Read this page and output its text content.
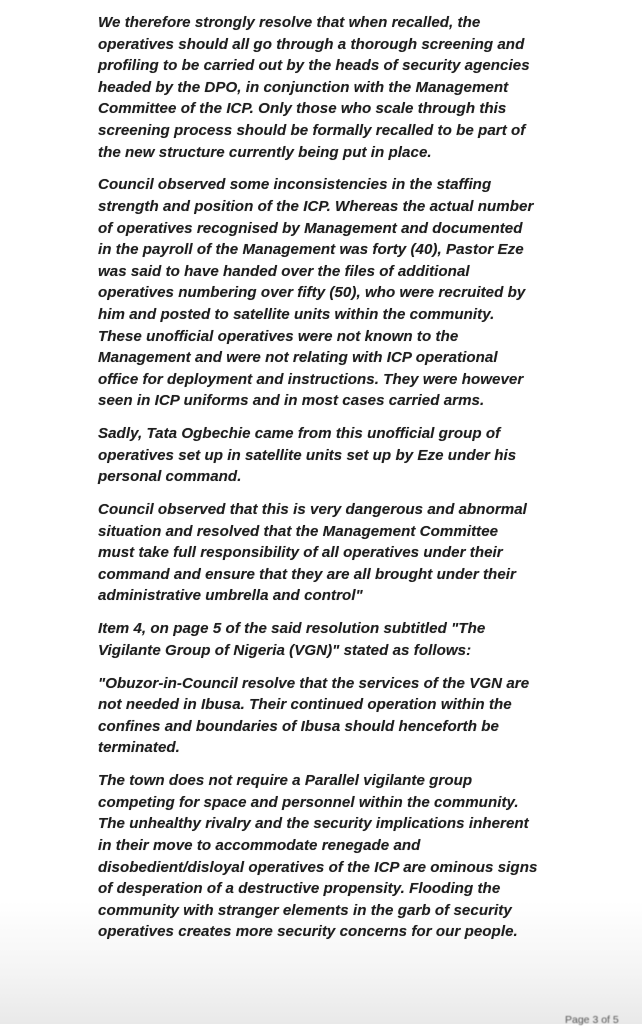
We therefore strongly resolve that when recalled, the
operatives should all go through a thorough screening and
profiling to be carried out by the heads of security agencies
headed by the DPO, in conjunction with the Management
Committee of the ICP. Only those who scale through this
screening process should be formally recalled to be part of
the new structure currently being put in place.

Council observed some inconsistencies in the staffing
strength and position of the ICP. Whereas the actual number
of operatives recognised by Management and documented
in the payroll of the Management was forty (40), Pastor Eze
was said to have handed over the files of additional
operatives numbering over fifty (50), who were recruited by
him and posted to satellite units within the community.
These unofficial operatives were not known to the
Management and were not relating with ICP operational
office for deployment and instructions. They were however
seen in ICP uniforms and in most cases carried arms.

Sadly, Tata Ogbechie came from this unofficial group of
operatives set up in satellite units set up by Eze under his
personal command.

Council observed that this is very dangerous and abnormal
situation and resolved that the Management Committee
must take full responsibility of all operatives under their
command and ensure that they are all brought under their
administrative umbrella and control"

Item 4, on page 5 of the said resolution subtitled "The
Vigilante Group of Nigeria (VGN)" stated as follows:

"Obuzor-in-Council resolve that the services of the VGN are
not needed in Ibusa. Their continued operation within the
confines and boundaries of Ibusa should henceforth be
terminated.

The town does not require a Parallel vigilante group
competing for space and personnel within the community.
The unhealthy rivalry and the security implications inherent
in their move to accommodate renegade and
disobedient/disloyal operatives of the ICP are ominous signs
of desperation of a destructive propensity. Flooding the
community with stranger elements in the garb of security
operatives creates more security concerns for our people.

Page 3 of 5
